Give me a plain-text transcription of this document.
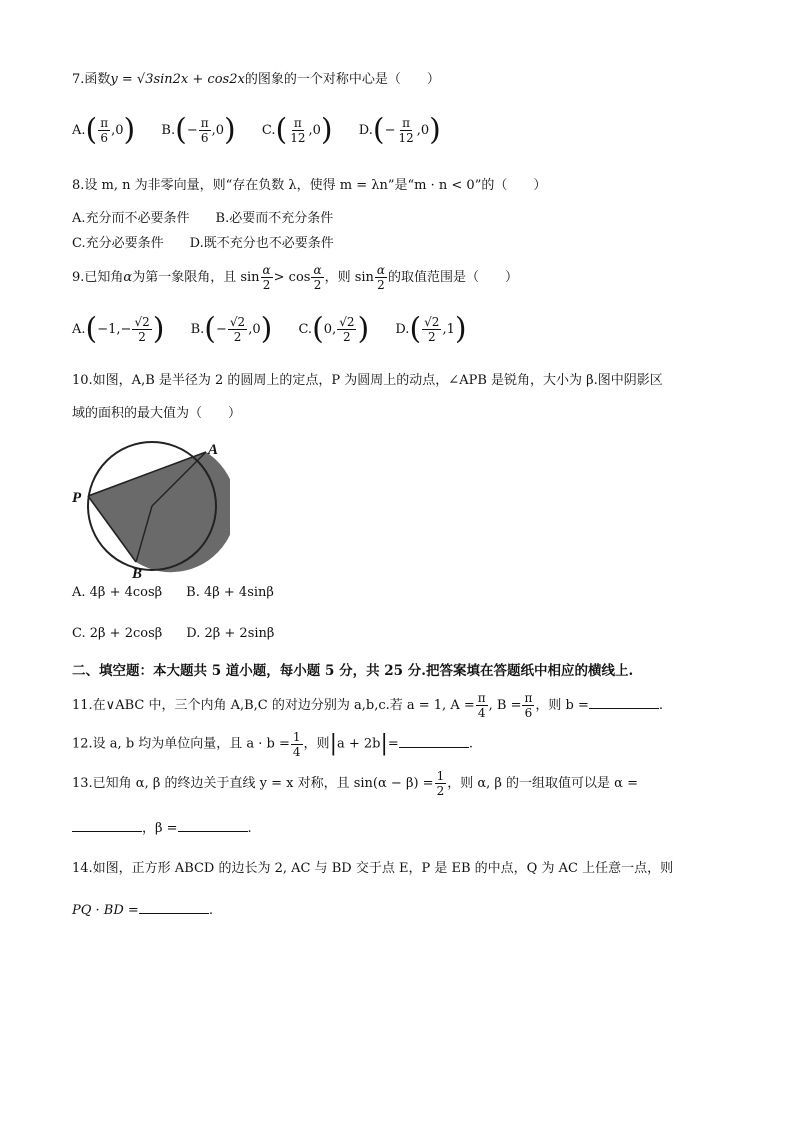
7.函数y = √3sin2x + cos2x的图象的一个对称中心是（　　）
$A.( \frac{\pi}{6} ,0)$ $B.(- \frac{\pi}{6} ,0)$ $C.( \frac{\pi}{12} ,0)$ $D.(- \frac{\pi}{12} ,0)$
8.设 m, n 为非零向量，则“存在负数 λ，使得 m = λn”是“m · n < 0”的（　　）
A.充分而不必要条件 B.必要而不充分条件
C.充分必要条件 D.既不充分也不必要条件
9.已知角α为第一象限角，且 $\sin \frac{\alpha}{2} > \cos \frac{\alpha}{2}$ ，则 $\sin \frac{\alpha}{2}$ 的取值范围是（　　）
$A.(-1,- \frac{√2}{2}$ ) $B.(- \frac{√2}{2} ,0)$ C.(0, $\frac{√2}{2}$ ) $D.( \frac{√2}{2} ,1)$
10.如图，A,B 是半径为 2 的圆周上的定点，P 为圆周上的动点，∠APB 是锐角，大小为 β.图中阴影区
域的面积的最大值为（　　）
A
B
P
A. 4β + 4cosβ B. 4β + 4sinβ
C. 2β + 2cosβ D. 2β + 2sinβ
二、填空题：本大题共 5 道小题，每小题 5 分，共 25 分.把答案填在答题纸中相应的横线上.
11.在∨ABC 中，三个内角 A,B,C 的对边分别为 a,b,c.若 a = 1, $A = \frac{\pi}{4}$ , $B = \frac{\pi}{6}$ ，则 b =	.
12.设 a, b 均为单位向量，且 $a \cdot b = \frac{1}{4}$ ，则|a + 2b|=	.
13.已知角 α, β 的终边关于直线 y = x 对称，且 $\sin(\alpha - \beta) = \frac{1}{2}$ ，则 α, β 的一组取值可以是 α =
，β =	.
14.如图，正方形 ABCD 的边长为 2, AC 与 BD 交于点 E，P 是 EB 的中点，Q 为 AC 上任意一点，则
PQ · BD =	.
